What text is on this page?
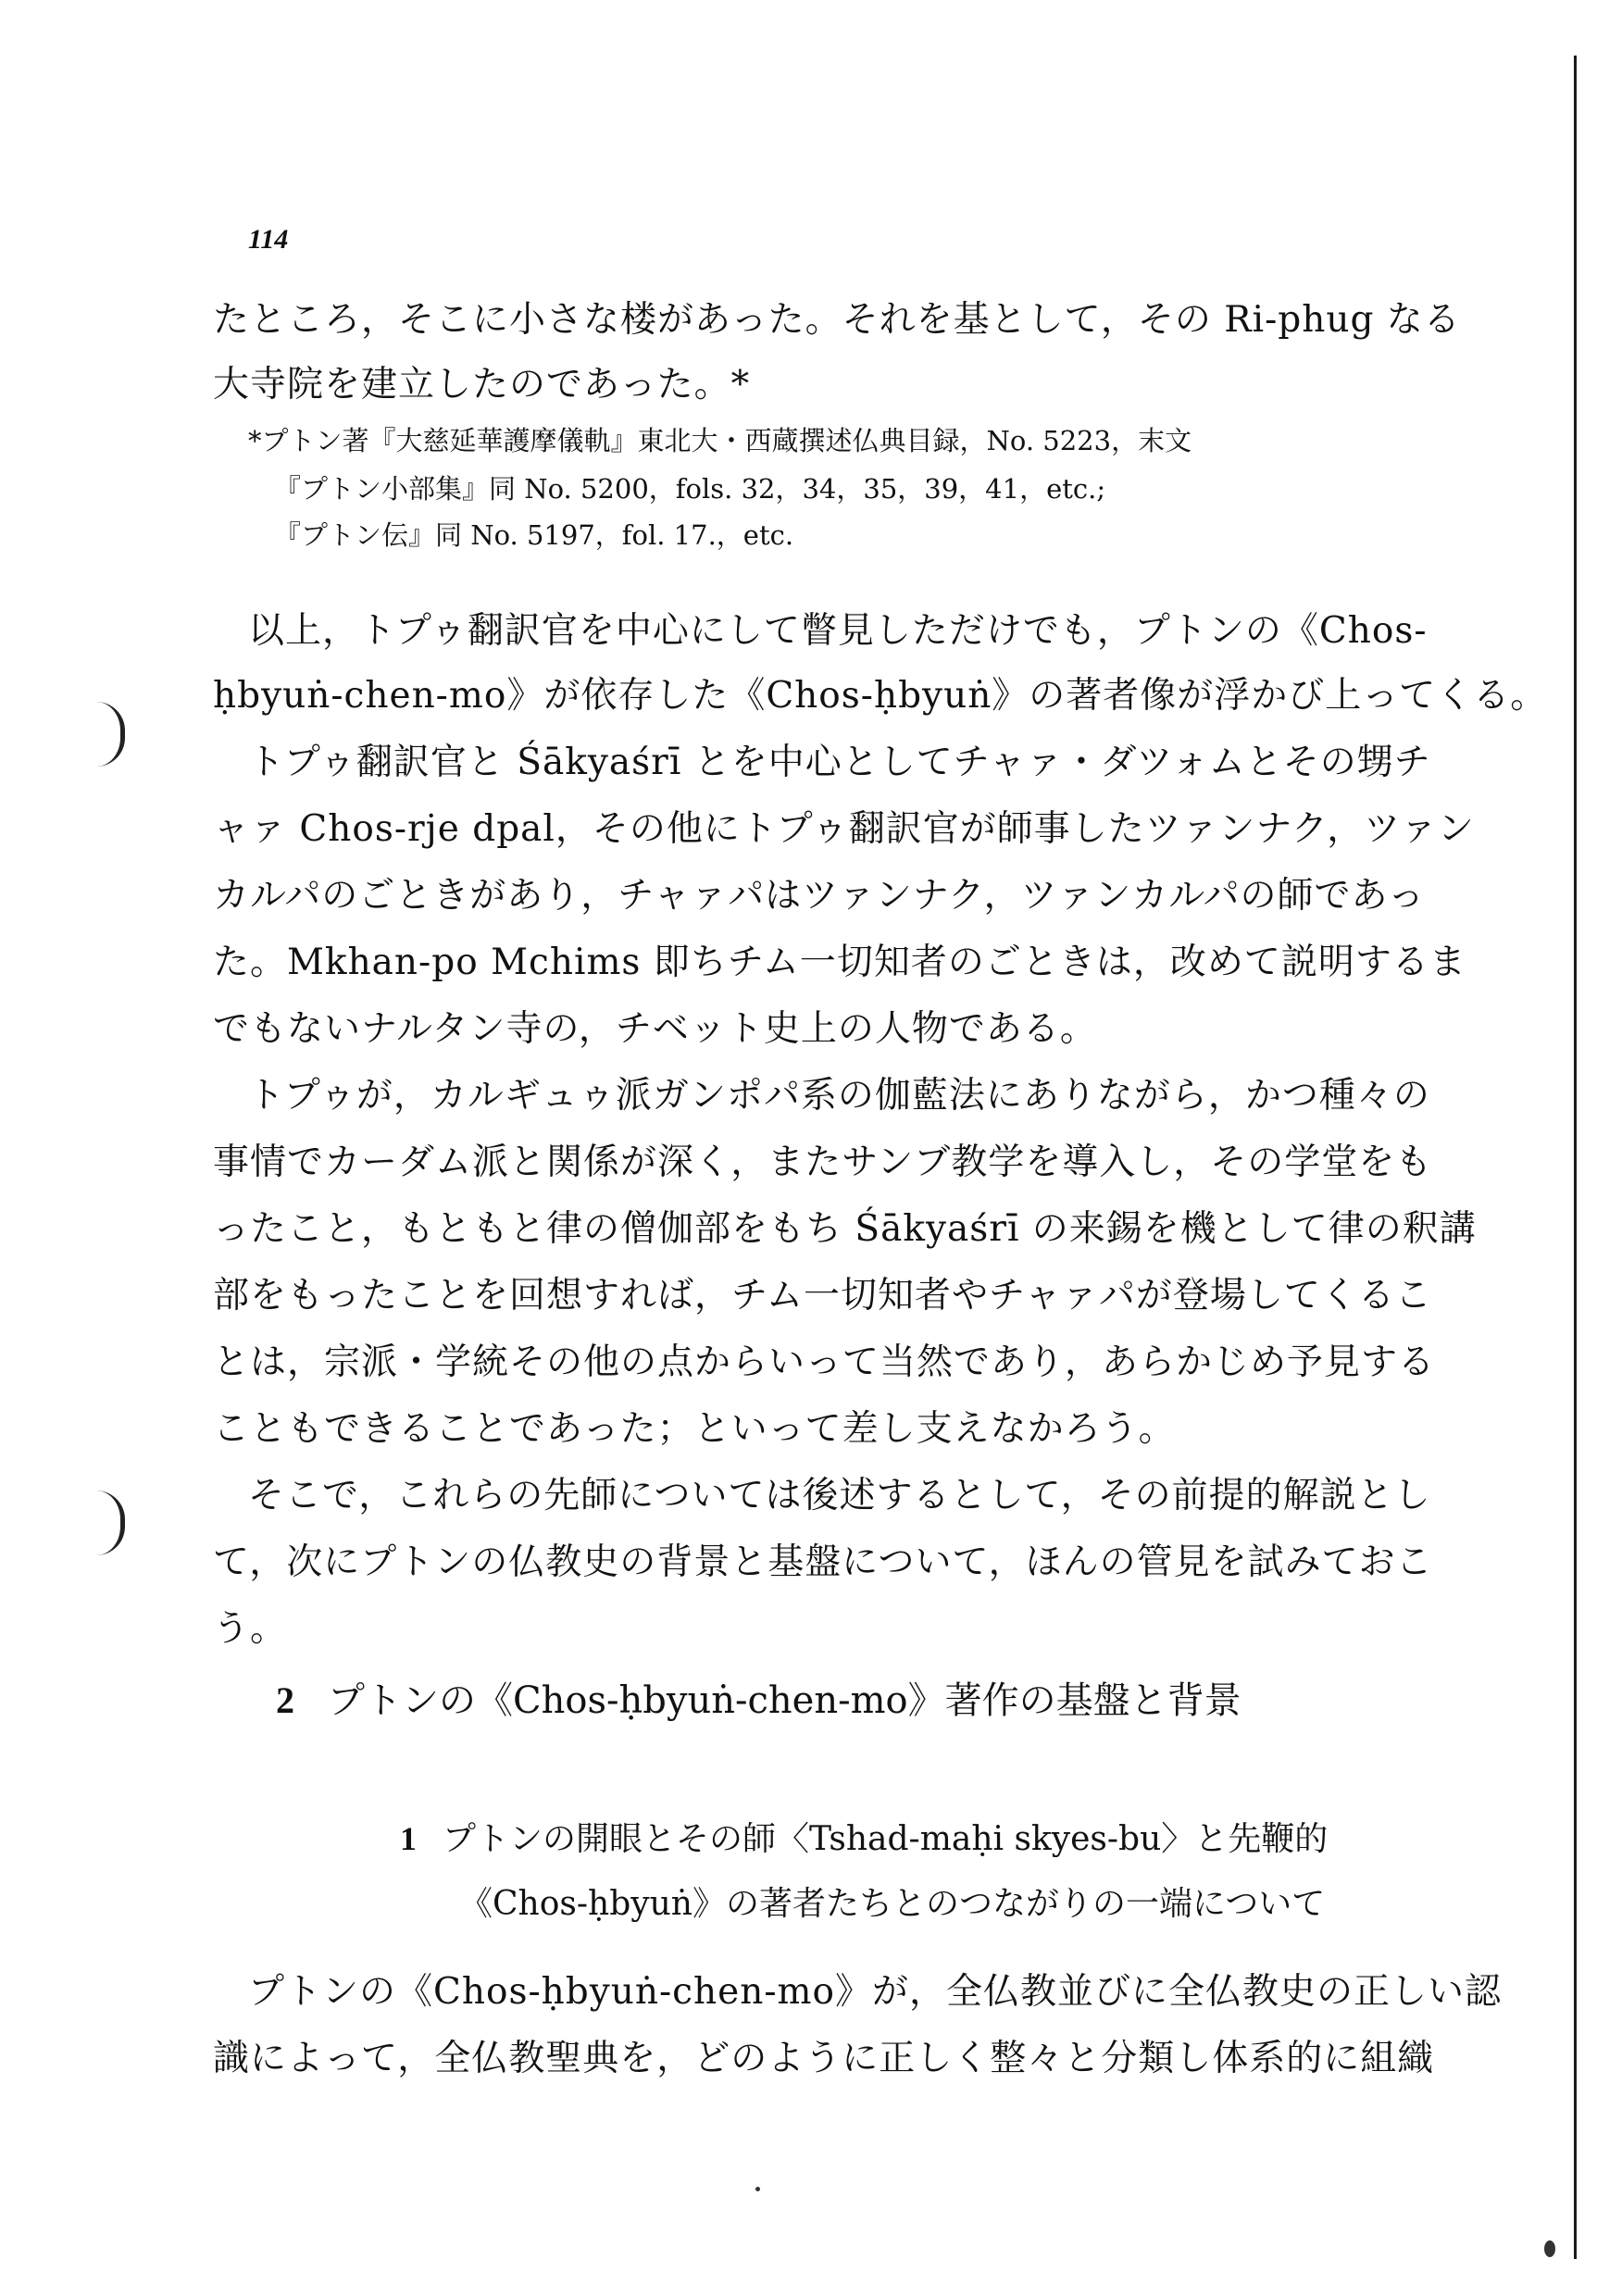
114
たところ，そこに小さな楼があった。それを基として，その Ri-phug なる
大寺院を建立したのであった。*
*プトン著『大慈延華護摩儀軌』東北大・西蔵撰述仏典目録，No. 5223，末文
『プトン小部集』同 No. 5200，fols. 32，34，35，39，41，etc.;
『プトン伝』同 No. 5197，fol. 17.，etc.
以上，トプゥ翻訳官を中心にして瞥見しただけでも，プトンの《Chos-
ḥbyuṅ-chen-mo》が依存した《Chos-ḥbyuṅ》の著者像が浮かび上ってくる。
トプゥ翻訳官と Śākyaśrī とを中心としてチャァ・ダツォムとその甥チ
ャァ Chos-rje dpal，その他にトプゥ翻訳官が師事したツァンナク，ツァン
カルパのごときがあり，チャァパはツァンナク，ツァンカルパの師であっ
た。Mkhan-po Mchims 即ちチム一切知者のごときは，改めて説明するま
でもないナルタン寺の，チベット史上の人物である。
トプゥが，カルギュゥ派ガンポパ系の伽藍法にありながら，かつ種々の
事情でカーダム派と関係が深く，またサンブ教学を導入し，その学堂をも
ったこと，もともと律の僧伽部をもち Śākyaśrī の来錫を機として律の釈講
部をもったことを回想すれば，チム一切知者やチャァパが登場してくるこ
とは，宗派・学統その他の点からいって当然であり，あらかじめ予見する
こともできることであった；といって差し支えなかろう。
そこで，これらの先師については後述するとして，その前提的解説とし
て，次にプトンの仏教史の背景と基盤について，ほんの管見を試みておこ
う。
2 プトンの《Chos-ḥbyuṅ-chen-mo》著作の基盤と背景
1 プトンの開眼とその師〈Tshad-maḥi skyes-bu〉と先鞭的
《Chos-ḥbyuṅ》の著者たちとのつながりの一端について
プトンの《Chos-ḥbyuṅ-chen-mo》が，全仏教並びに全仏教史の正しい認
識によって，全仏教聖典を，どのように正しく整々と分類し体系的に組織
